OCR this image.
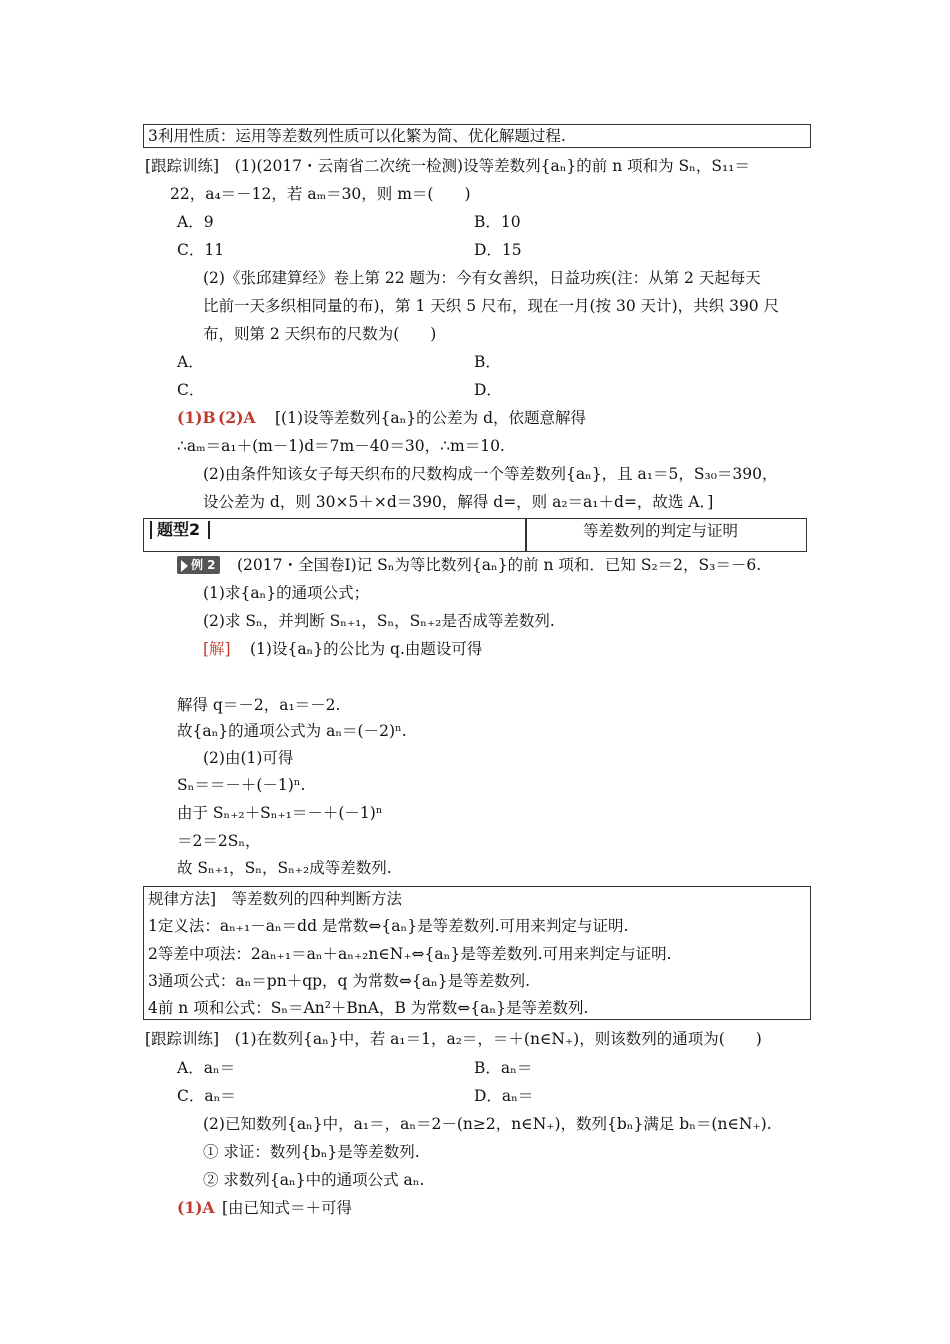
3利用性质：运用等差数列性质可以化繁为简、优化解题过程.
[跟踪训练]　(1)(2017・云南省二次统一检测)设等差数列{aₙ}的前 n 项和为 Sₙ，S₁₁＝
22，a₄＝－12，若 aₘ＝30，则 m＝(　　)
A．9	B．10
C．11	D．15
(2)《张邱建算经》卷上第 22 题为：今有女善织，日益功疾(注：从第 2 天起每天
比前一天多织相同量的布)，第 1 天织 5 尺布，现在一月(按 30 天计)，共织 390 尺
布，则第 2 天织布的尺数为(　　)
A．	B．
C．	D．
(1)B (2)A [(1)设等差数列{aₙ}的公差为 d，依题意解得
∴aₘ＝a₁＋(m－1)d＝7m－40＝30，∴m＝10.
(2)由条件知该女子每天织布的尺数构成一个等差数列{aₙ}，且 a₁＝5，S₃₀＝390，
设公差为 d，则 30×5＋×d＝390，解得 d=，则 a₂＝a₁＋d=，故选 A．]
题型2	等差数列的判定与证明
例 2 (2017・全国卷Ⅰ)记 Sₙ为等比数列{aₙ}的前 n 项和．已知 S₂＝2，S₃＝－6.
(1)求{aₙ}的通项公式；
(2)求 Sₙ，并判断 Sₙ₊₁，Sₙ，Sₙ₊₂是否成等差数列.
[解] (1)设{aₙ}的公比为 q.由题设可得
解得 q＝－2，a₁＝－2.
故{aₙ}的通项公式为 aₙ＝(－2)ⁿ.
(2)由(1)可得
Sₙ＝＝－＋(－1)ⁿ.
由于 Sₙ₊₂＋Sₙ₊₁＝－＋(－1)ⁿ
＝2＝2Sₙ，
故 Sₙ₊₁，Sₙ，Sₙ₊₂成等差数列.
规律方法]　等差数列的四种判断方法
1定义法：aₙ₊₁－aₙ＝dd 是常数⇔{aₙ}是等差数列.可用来判定与证明.
2等差中项法：2aₙ₊₁＝aₙ＋aₙ₊₂n∈N₊⇔{aₙ}是等差数列.可用来判定与证明.
3通项公式：aₙ＝pn＋qp，q 为常数⇔{aₙ}是等差数列.
4前 n 项和公式：Sₙ＝An²＋BnA，B 为常数⇔{aₙ}是等差数列.
[跟踪训练]　(1)在数列{aₙ}中，若 a₁＝1，a₂＝，＝＋(n∈N₊)，则该数列的通项为(　　)
A．aₙ＝	B．aₙ＝
C．aₙ＝	D．aₙ＝
(2)已知数列{aₙ}中，a₁＝，aₙ＝2－(n≥2，n∈N₊)，数列{bₙ}满足 bₙ＝(n∈N₊).
① 求证：数列{bₙ}是等差数列.
② 求数列{aₙ}中的通项公式 aₙ.
(1)A [由已知式＝＋可得
